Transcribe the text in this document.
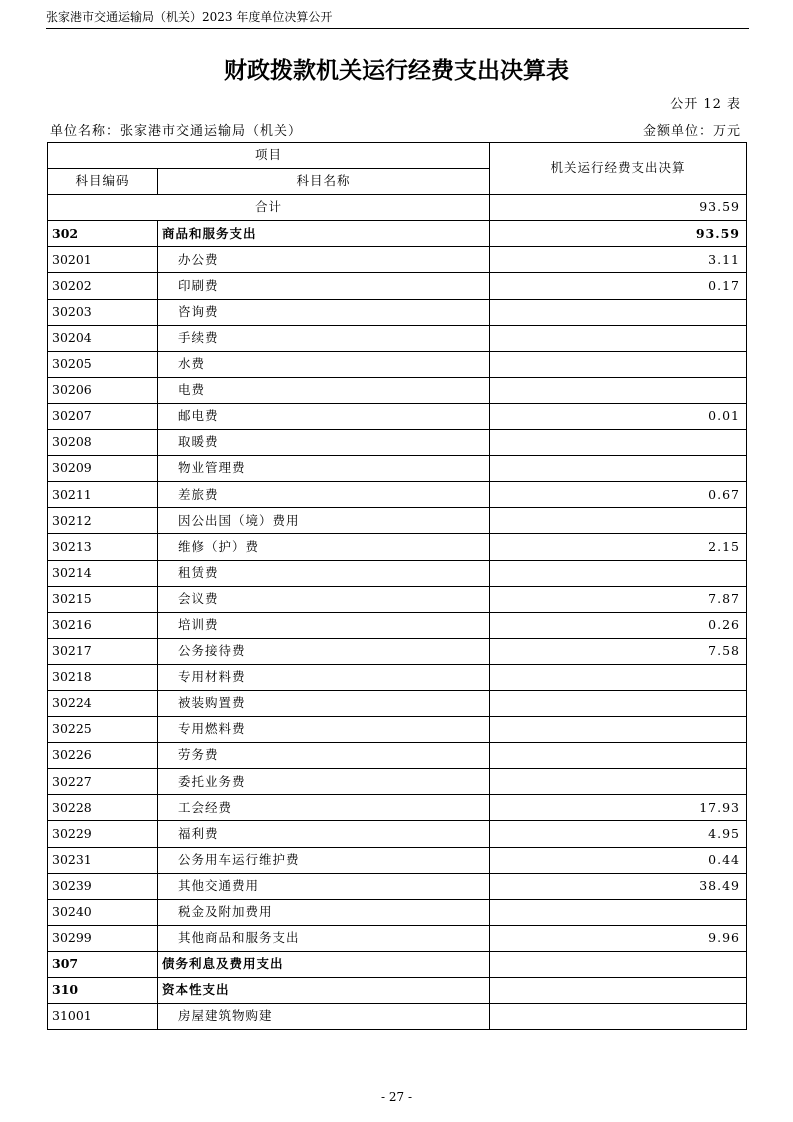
张家港市交通运输局（机关）2023 年度单位决算公开
财政拨款机关运行经费支出决算表
公开 12 表
单位名称：张家港市交通运输局（机关）	金额单位：万元
项目		机关运行经费支出决算
科目编码	科目名称	
合计		93.59
302	商品和服务支出	93.59
30201	办公费	3.11
30202	印刷费	0.17
30203	咨询费	
30204	手续费	
30205	水费	
30206	电费	
30207	邮电费	0.01
30208	取暖费	
30209	物业管理费	
30211	差旅费	0.67
30212	因公出国（境）费用	
30213	维修（护）费	2.15
30214	租赁费	
30215	会议费	7.87
30216	培训费	0.26
30217	公务接待费	7.58
30218	专用材料费	
30224	被装购置费	
30225	专用燃料费	
30226	劳务费	
30227	委托业务费	
30228	工会经费	17.93
30229	福利费	4.95
30231	公务用车运行维护费	0.44
30239	其他交通费用	38.49
30240	税金及附加费用	
30299	其他商品和服务支出	9.96
307	债务利息及费用支出	
310	资本性支出	
31001	房屋建筑物购建	
- 27 -
